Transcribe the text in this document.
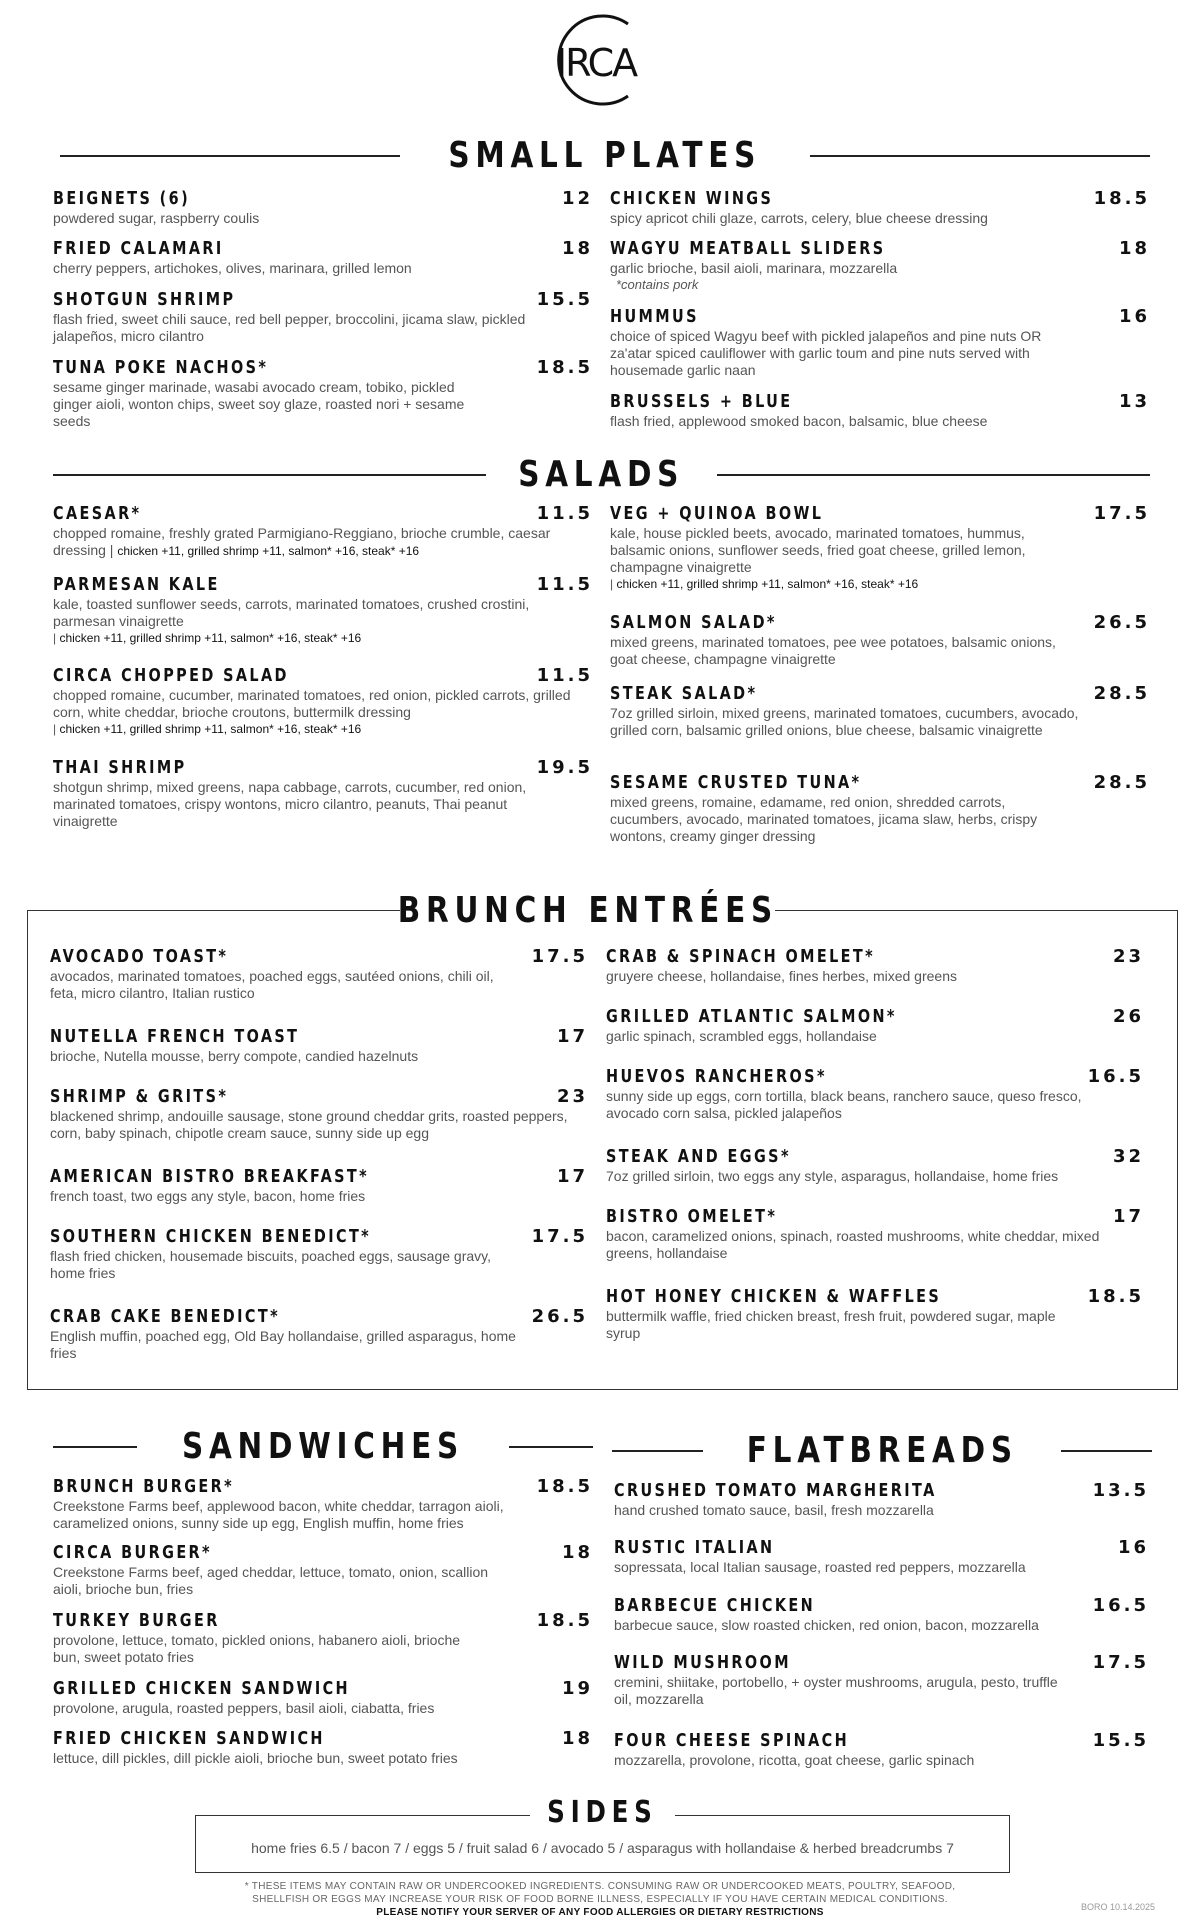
IRCA
SMALL PLATES
BEIGNETS (6)	12
powdered sugar, raspberry coulis
FRIED CALAMARI	18
cherry peppers, artichokes, olives, marinara, grilled lemon
SHOTGUN SHRIMP	15.5
flash fried, sweet chili sauce, red bell pepper, broccolini, jicama slaw, pickled jalapeños, micro cilantro
TUNA POKE NACHOS*	18.5
sesame ginger marinade, wasabi avocado cream, tobiko, pickled ginger aioli, wonton chips, sweet soy glaze, roasted nori + sesame seeds
CHICKEN WINGS	18.5
spicy apricot chili glaze, carrots, celery, blue cheese dressing
WAGYU MEATBALL SLIDERS	18
garlic brioche, basil aioli, marinara, mozzarella
*contains pork
HUMMUS	16
choice of spiced Wagyu beef with pickled jalapeños and pine nuts OR za'atar spiced cauliflower with garlic toum and pine nuts served with housemade garlic naan
BRUSSELS + BLUE	13
flash fried, applewood smoked bacon, balsamic, blue cheese
SALADS
CAESAR*	11.5
chopped romaine, freshly grated Parmigiano-Reggiano, brioche crumble, caesar dressing | chicken +11, grilled shrimp +11, salmon* +16, steak* +16
PARMESAN KALE	11.5
kale, toasted sunflower seeds, carrots, marinated tomatoes, crushed crostini, parmesan vinaigrette
| chicken +11, grilled shrimp +11, salmon* +16, steak* +16
CIRCA CHOPPED SALAD	11.5
chopped romaine, cucumber, marinated tomatoes, red onion, pickled carrots, grilled corn, white cheddar, brioche croutons, buttermilk dressing
| chicken +11, grilled shrimp +11, salmon* +16, steak* +16
THAI SHRIMP	19.5
shotgun shrimp, mixed greens, napa cabbage, carrots, cucumber, red onion, marinated tomatoes, crispy wontons, micro cilantro, peanuts, Thai peanut vinaigrette
VEG + QUINOA BOWL	17.5
kale, house pickled beets, avocado, marinated tomatoes, hummus, balsamic onions, sunflower seeds, fried goat cheese, grilled lemon, champagne vinaigrette
| chicken +11, grilled shrimp +11, salmon* +16, steak* +16
SALMON SALAD*	26.5
mixed greens, marinated tomatoes, pee wee potatoes, balsamic onions, goat cheese, champagne vinaigrette
STEAK SALAD*	28.5
7oz grilled sirloin, mixed greens, marinated tomatoes, cucumbers, avocado, grilled corn, balsamic grilled onions, blue cheese, balsamic vinaigrette
SESAME CRUSTED TUNA*	28.5
mixed greens, romaine, edamame, red onion, shredded carrots, cucumbers, avocado, marinated tomatoes, jicama slaw, herbs, crispy wontons, creamy ginger dressing
BRUNCH ENTRÉES
AVOCADO TOAST*	17.5
avocados, marinated tomatoes, poached eggs, sautéed onions, chili oil, feta, micro cilantro, Italian rustico
NUTELLA FRENCH TOAST	17
brioche, Nutella mousse, berry compote, candied hazelnuts
SHRIMP & GRITS*	23
blackened shrimp, andouille sausage, stone ground cheddar grits, roasted peppers, corn, baby spinach, chipotle cream sauce, sunny side up egg
AMERICAN BISTRO BREAKFAST*	17
french toast, two eggs any style, bacon, home fries
SOUTHERN CHICKEN BENEDICT*	17.5
flash fried chicken, housemade biscuits, poached eggs, sausage gravy, home fries
CRAB CAKE BENEDICT*	26.5
English muffin, poached egg, Old Bay hollandaise, grilled asparagus, home fries
CRAB & SPINACH OMELET*	23
gruyere cheese, hollandaise, fines herbes, mixed greens
GRILLED ATLANTIC SALMON*	26
garlic spinach, scrambled eggs, hollandaise
HUEVOS RANCHEROS*	16.5
sunny side up eggs, corn tortilla, black beans, ranchero sauce, queso fresco, avocado corn salsa, pickled jalapeños
STEAK AND EGGS*	32
7oz grilled sirloin, two eggs any style, asparagus, hollandaise, home fries
BISTRO OMELET*	17
bacon, caramelized onions, spinach, roasted mushrooms, white cheddar, mixed greens, hollandaise
HOT HONEY CHICKEN & WAFFLES	18.5
buttermilk waffle, fried chicken breast, fresh fruit, powdered sugar, maple syrup
SANDWICHES
BRUNCH BURGER*	18.5
Creekstone Farms beef, applewood bacon, white cheddar, tarragon aioli, caramelized onions, sunny side up egg, English muffin, home fries
CIRCA BURGER*	18
Creekstone Farms beef, aged cheddar, lettuce, tomato, onion, scallion aioli, brioche bun, fries
TURKEY BURGER	18.5
provolone, lettuce, tomato, pickled onions, habanero aioli, brioche bun, sweet potato fries
GRILLED CHICKEN SANDWICH	19
provolone, arugula, roasted peppers, basil aioli, ciabatta, fries
FRIED CHICKEN SANDWICH	18
lettuce, dill pickles, dill pickle aioli, brioche bun, sweet potato fries
FLATBREADS
CRUSHED TOMATO MARGHERITA	13.5
hand crushed tomato sauce, basil, fresh mozzarella
RUSTIC ITALIAN	16
sopressata, local Italian sausage, roasted red peppers, mozzarella
BARBECUE CHICKEN	16.5
barbecue sauce, slow roasted chicken, red onion, bacon, mozzarella
WILD MUSHROOM	17.5
cremini, shiitake, portobello, + oyster mushrooms, arugula, pesto, truffle oil, mozzarella
FOUR CHEESE SPINACH	15.5
mozzarella, provolone, ricotta, goat cheese, garlic spinach
SIDES
home fries 6.5 / bacon 7 / eggs 5 / fruit salad 6 / avocado 5 / asparagus with hollandaise & herbed breadcrumbs 7
* THESE ITEMS MAY CONTAIN RAW OR UNDERCOOKED INGREDIENTS. CONSUMING RAW OR UNDERCOOKED MEATS, POULTRY, SEAFOOD,
SHELLFISH OR EGGS MAY INCREASE YOUR RISK OF FOOD BORNE ILLNESS, ESPECIALLY IF YOU HAVE CERTAIN MEDICAL CONDITIONS.
PLEASE NOTIFY YOUR SERVER OF ANY FOOD ALLERGIES OR DIETARY RESTRICTIONS	BORO 10.14.2025
